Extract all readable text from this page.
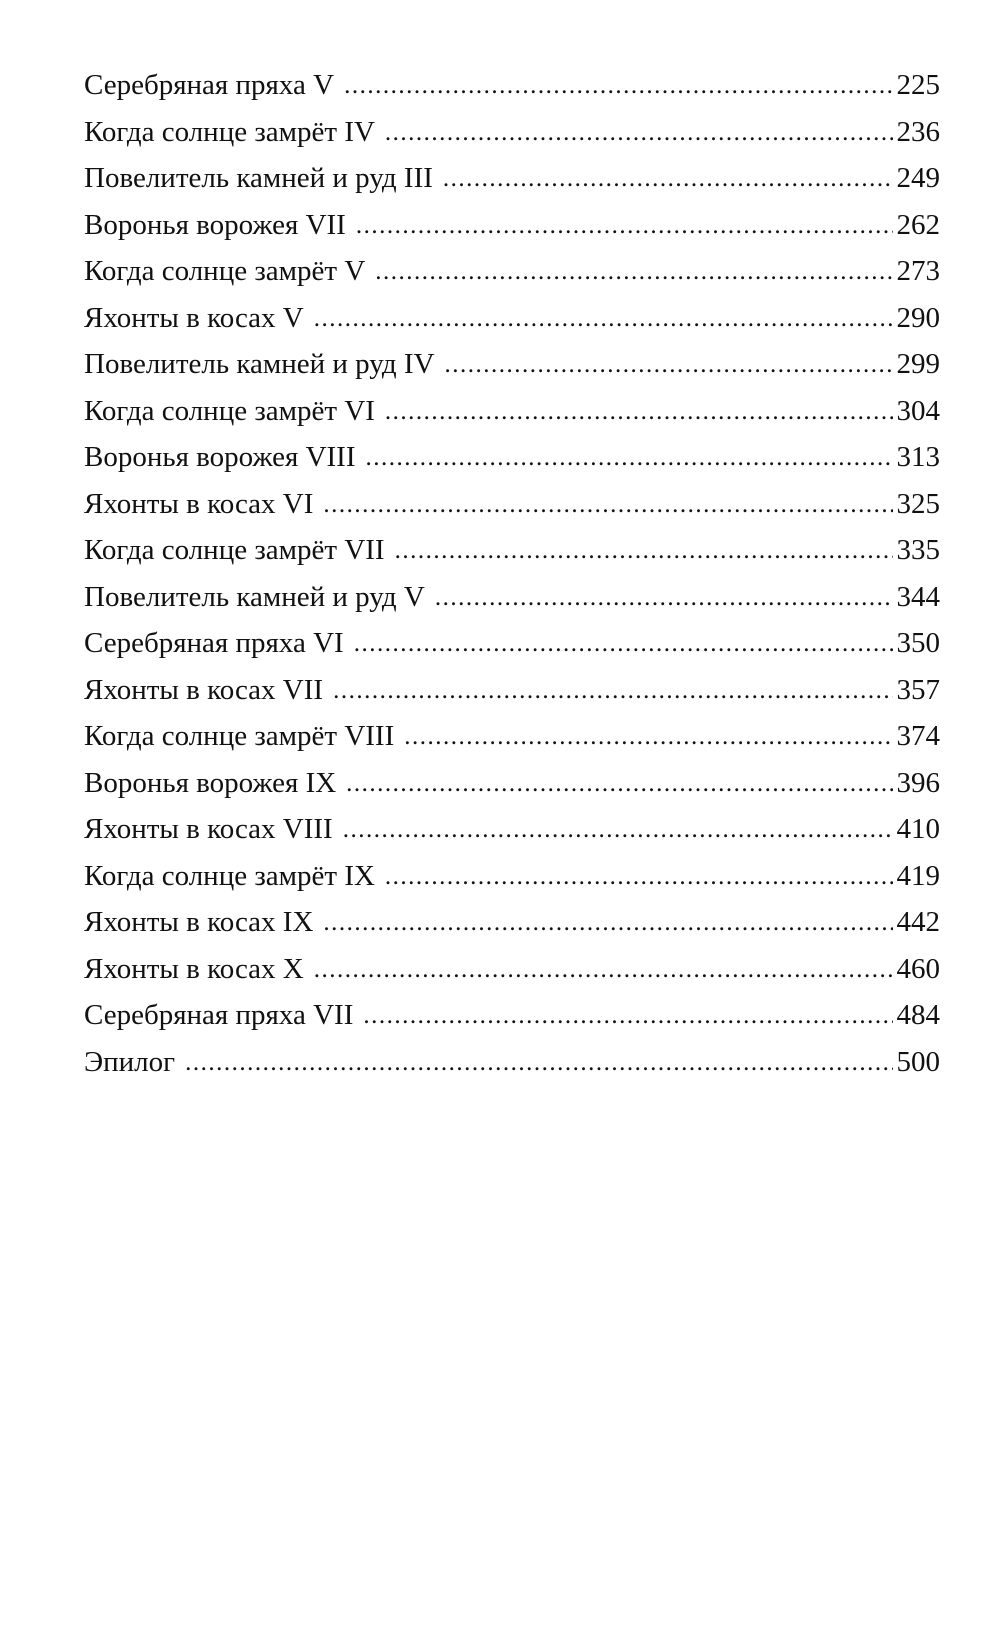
Серебряная пряха V .....	225
Когда солнце замрёт IV .....	236
Повелитель камней и руд III .....	249
Воронья ворожея VII .....	262
Когда солнце замрёт V .....	273
Яхонты в косах V .....	290
Повелитель камней и руд IV .....	299
Когда солнце замрёт VI .....	304
Воронья ворожея VIII .....	313
Яхонты в косах VI .....	325
Когда солнце замрёт VII .....	335
Повелитель камней и руд V .....	344
Серебряная пряха VI .....	350
Яхонты в косах VII .....	357
Когда солнце замрёт VIII .....	374
Воронья ворожея IX .....	396
Яхонты в косах VIII .....	410
Когда солнце замрёт IX .....	419
Яхонты в косах IX .....	442
Яхонты в косах X .....	460
Серебряная пряха VII .....	484
Эпилог .....	500
